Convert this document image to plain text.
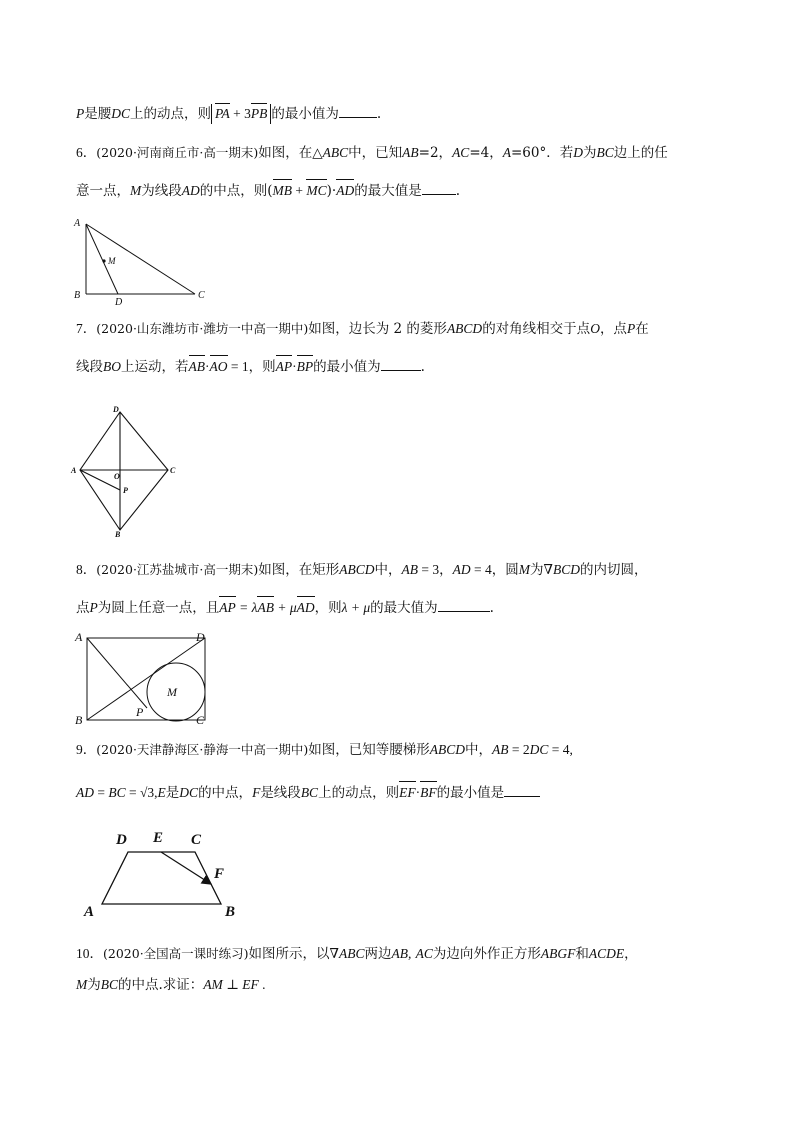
P是腰DC上的动点，则 PA + 3PB 的最小值为	.
6．(2020·河南商丘市·高一期末)如图，在△ABC中，已知AB=2，AC=4，A=60°．若D为BC边上的任
意一点，M为线段AD的中点，则(MB + MC)·AD的最大值是	.
A
B	C
D
M
7．(2020·山东潍坊市·潍坊一中高一期中)如图，边长为 2 的菱形ABCD的对角线相交于点O，点P在
线段BO上运动，若AB·AO = 1，则AP·BP的最小值为	.
D
A	C
B
O
P
8．(2020·江苏盐城市·高一期末)如图，在矩形ABCD中，AB = 3，AD = 4，圆M为∇BCD的内切圆，
点P为圆上任意一点，且AP = λAB + μAD，则λ + μ的最大值为	.
A	D
B	C
M
P
9．(2020·天津静海区·静海一中高一期中)如图，已知等腰梯形ABCD中，AB = 2DC = 4,
AD = BC = √3,E是DC的中点，F是线段BC上的动点，则EF·BF的最小值是
D E C
F
A	B
10．(2020·全国高一课时练习)如图所示，以∇ABC两边AB, AC为边向外作正方形ABGF和ACDE，
M为BC的中点.求证：AM ⊥ EF .
